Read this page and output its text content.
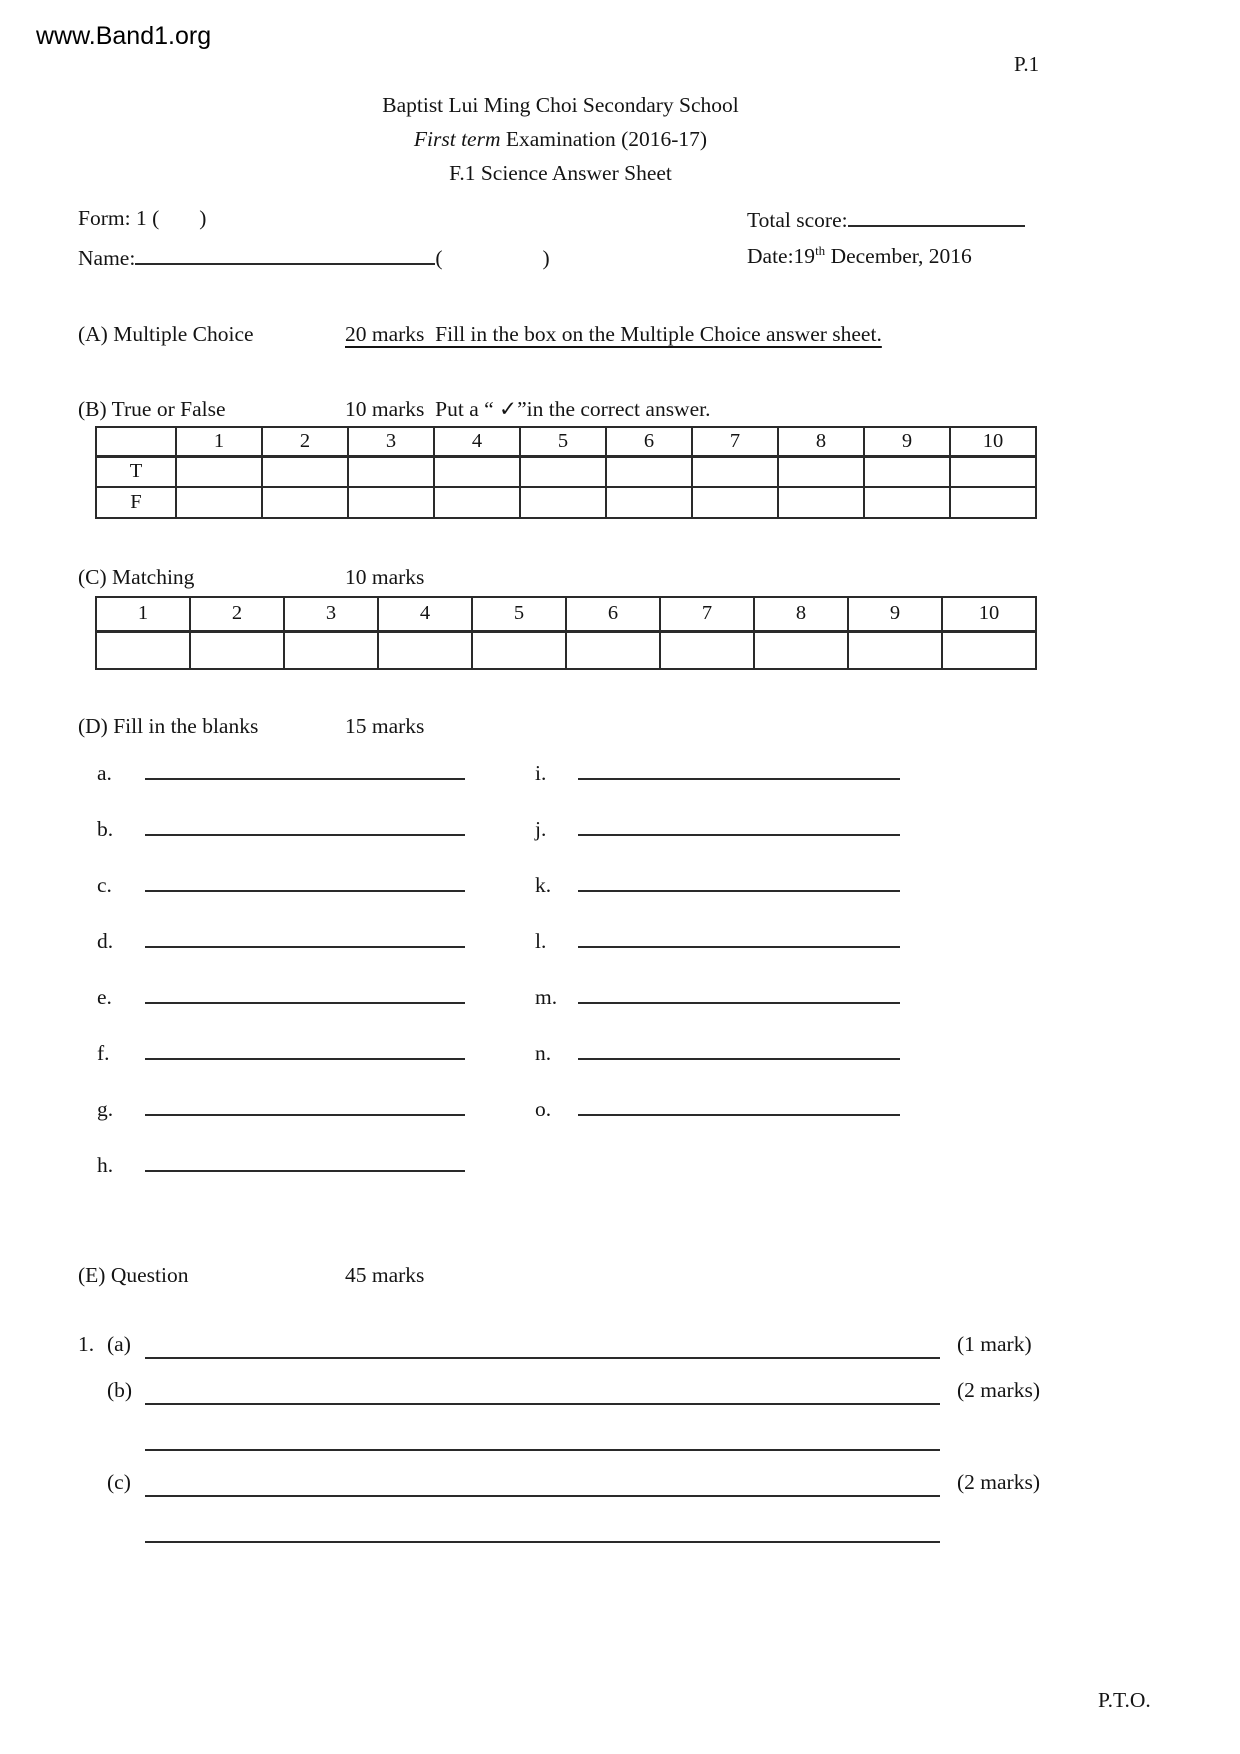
www.Band1.org
P.1
Baptist Lui Ming Choi Secondary School
First term Examination (2016-17)
F.1 Science Answer Sheet
Form: 1 ( )	Total score:
Name:	(	)	Date:19th December, 2016
(A) Multiple Choice	20 marks  Fill in the box on the Multiple Choice answer sheet.
(B) True or False	10 marks  Put a “ ✓”in the correct answer.
	1	2	3	4	5	6	7	8	9	10
T										
F										
(C) Matching	10 marks
1	2	3	4	5	6	7	8	9	10

(D) Fill in the blanks	15 marks
a.
b.
c.
d.
e.
f.
g.
h.
i.
j.
k.
l.
m.
n.
o.
(E) Question	45 marks
1. (a)	(1 mark)
(b)	(2 marks)
(c)	(2 marks)
P.T.O.
